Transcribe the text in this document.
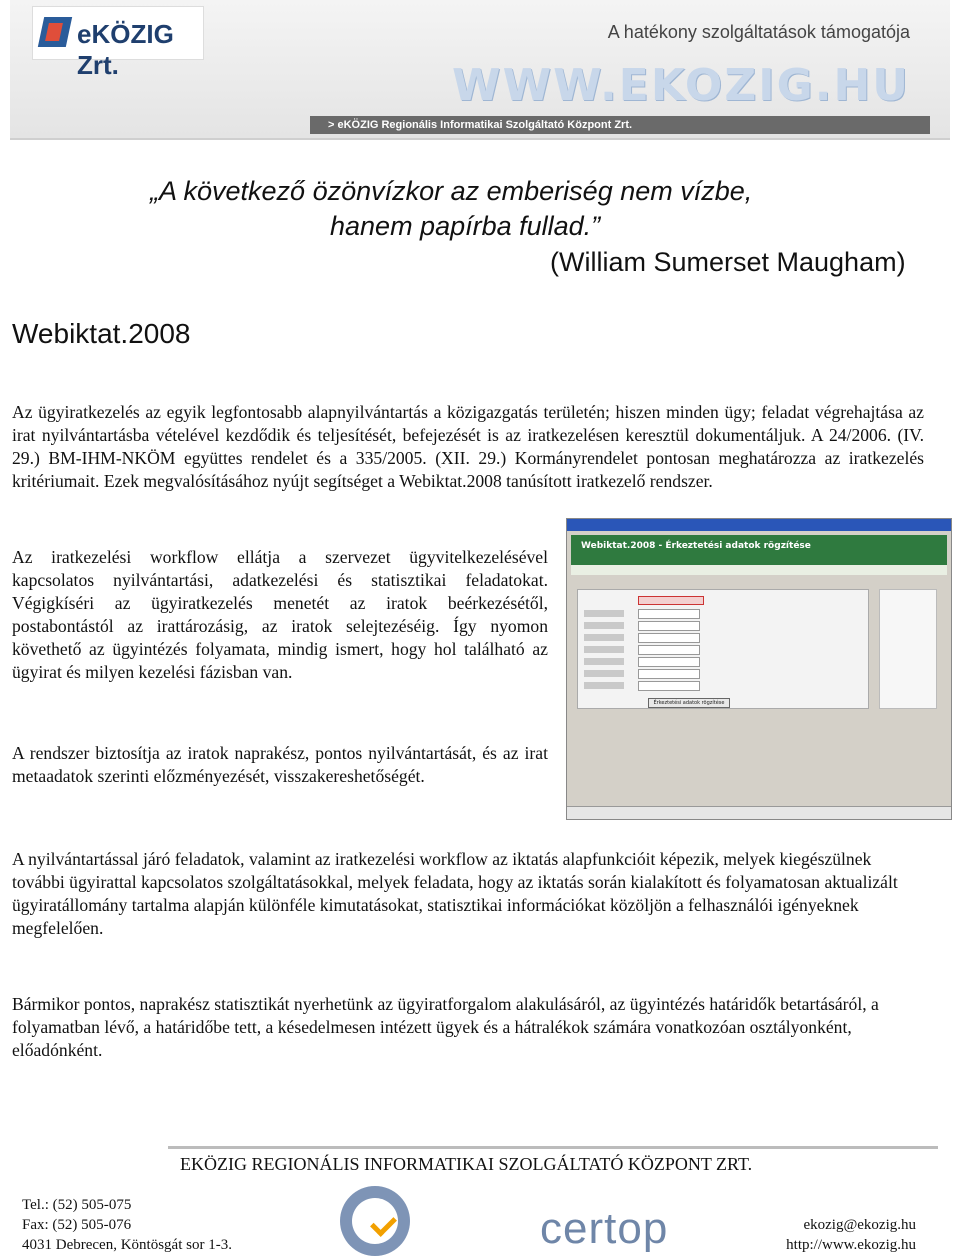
eKÖZIG Zrt.
A hatékony szolgáltatások támogatója
WWW.EKOZIG.HU
> eKÖZIG Regionális Informatikai Szolgáltató Központ Zrt.
„A következő özönvízkor az emberiség nem vízbe,
hanem papírba fullad.”
(William Sumerset Maugham)
Webiktat.2008

Az ügyiratkezelés az egyik legfontosabb alapnyilvántartás a közigazgatás területén; hiszen minden ügy; feladat végrehajtása az irat nyilvántartásba vételével kezdődik és teljesítését, befejezését is az iratkezelésen keresztül dokumentáljuk. A 24/2006. (IV. 29.) BM-IHM-NKÖM együttes rendelet és a 335/2005. (XII. 29.) Kormányrendelet pontosan meghatározza az iratkezelés kritériumait. Ezek megvalósításához nyújt segítséget a Webiktat.2008 tanúsított iratkezelő rendszer.

Az iratkezelési workflow ellátja a szervezet ügyvitelkezelésével kapcsolatos nyilvántartási, adatkezelési és statisztikai feladatokat. Végigkíséri az ügyiratkezelés menetét az iratok beérkezésétől, postabontástól az irattározásig, az iratok selejtezéséig. Így nyomon követhető az ügyintézés folyamata, mindig ismert, hogy hol található az ügyirat és milyen kezelési fázisban van.

A rendszer biztosítja az iratok naprakész, pontos nyilvántartását, és az irat metaadatok szerinti előzményezését, visszakereshetőségét.

A nyilvántartással járó feladatok, valamint az iratkezelési workflow az iktatás alapfunkcióit képezik, melyek kiegészülnek további ügyirattal kapcsolatos szolgáltatásokkal, melyek feladata, hogy az iktatás során kialakított és folyamatosan aktualizált ügyiratállomány tartalma alapján különféle kimutatásokat, statisztikai információkat közöljön a felhasználói igényeknek megfelelően.

Bármikor pontos, naprakész statisztikát nyerhetünk az ügyiratforgalom alakulásáról, az ügyintézés határidők betartásáról, a folyamatban lévő, a határidőbe tett, a késedelmesen intézett ügyek és a hátralékok számára vonatkozóan osztályonként, előadónként.

Webiktat.2008 - Érkeztetési adatok rögzítése
Érkeztetési adatok rögzítése
EKÖZIG REGIONÁLIS INFORMATIKAI SZOLGÁLTATÓ KÖZPONT ZRT.
Tel.: (52) 505-075
Fax: (52) 505-076
4031 Debrecen, Köntösgát sor 1-3.	certop	ekozig@ekozig.hu
http://www.ekozig.hu
